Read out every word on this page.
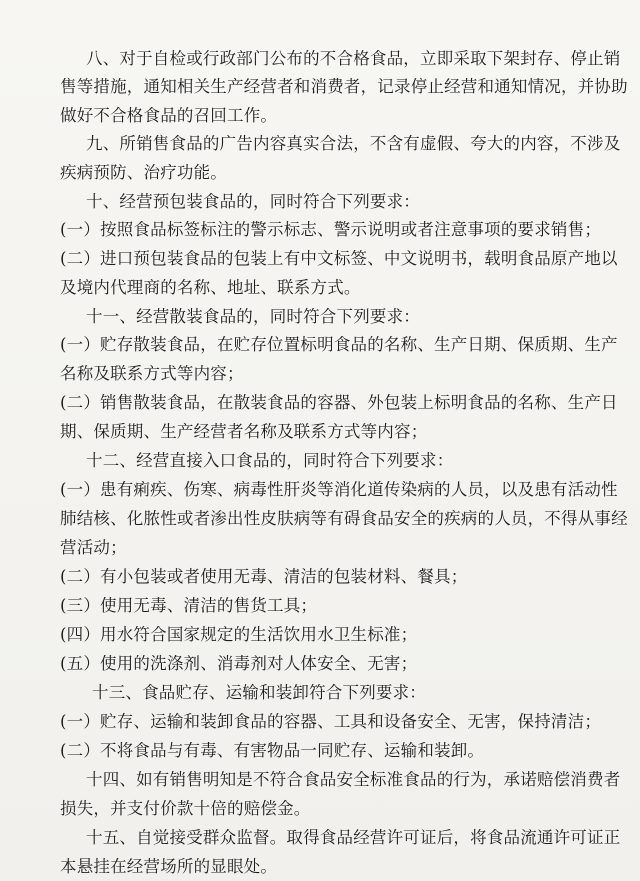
八、对于自检或行政部门公布的不合格食品，立即采取下架封存、停止销
售等措施，通知相关生产经营者和消费者，记录停止经营和通知情况，并协助
做好不合格食品的召回工作。
九、所销售食品的广告内容真实合法，不含有虚假、夸大的内容，不涉及
疾病预防、治疗功能。
十、经营预包装食品的，同时符合下列要求：
(一）按照食品标签标注的警示标志、警示说明或者注意事项的要求销售；
(二）进口预包装食品的包装上有中文标签、中文说明书，载明食品原产地以
及境内代理商的名称、地址、联系方式。
十一、经营散装食品的，同时符合下列要求：
(一）贮存散装食品，在贮存位置标明食品的名称、生产日期、保质期、生产
名称及联系方式等内容；
(二）销售散装食品，在散装食品的容器、外包装上标明食品的名称、生产日
期、保质期、生产经营者名称及联系方式等内容；
十二、经营直接入口食品的，同时符合下列要求：
(一）患有痢疾、伤寒、病毒性肝炎等消化道传染病的人员，以及患有活动性
肺结核、化脓性或者渗出性皮肤病等有碍食品安全的疾病的人员，不得从事经
营活动；
(二）有小包装或者使用无毒、清洁的包装材料、餐具；
(三）使用无毒、清洁的售货工具；
(四）用水符合国家规定的生活饮用水卫生标准；
(五）使用的洗涤剂、消毒剂对人体安全、无害；
十三、食品贮存、运输和装卸符合下列要求：
(一）贮存、运输和装卸食品的容器、工具和设备安全、无害，保持清洁；
(二）不将食品与有毒、有害物品一同贮存、运输和装卸。
十四、如有销售明知是不符合食品安全标准食品的行为，承诺赔偿消费者
损失，并支付价款十倍的赔偿金。
十五、自觉接受群众监督。取得食品经营许可证后，将食品流通许可证正
本悬挂在经营场所的显眼处。
